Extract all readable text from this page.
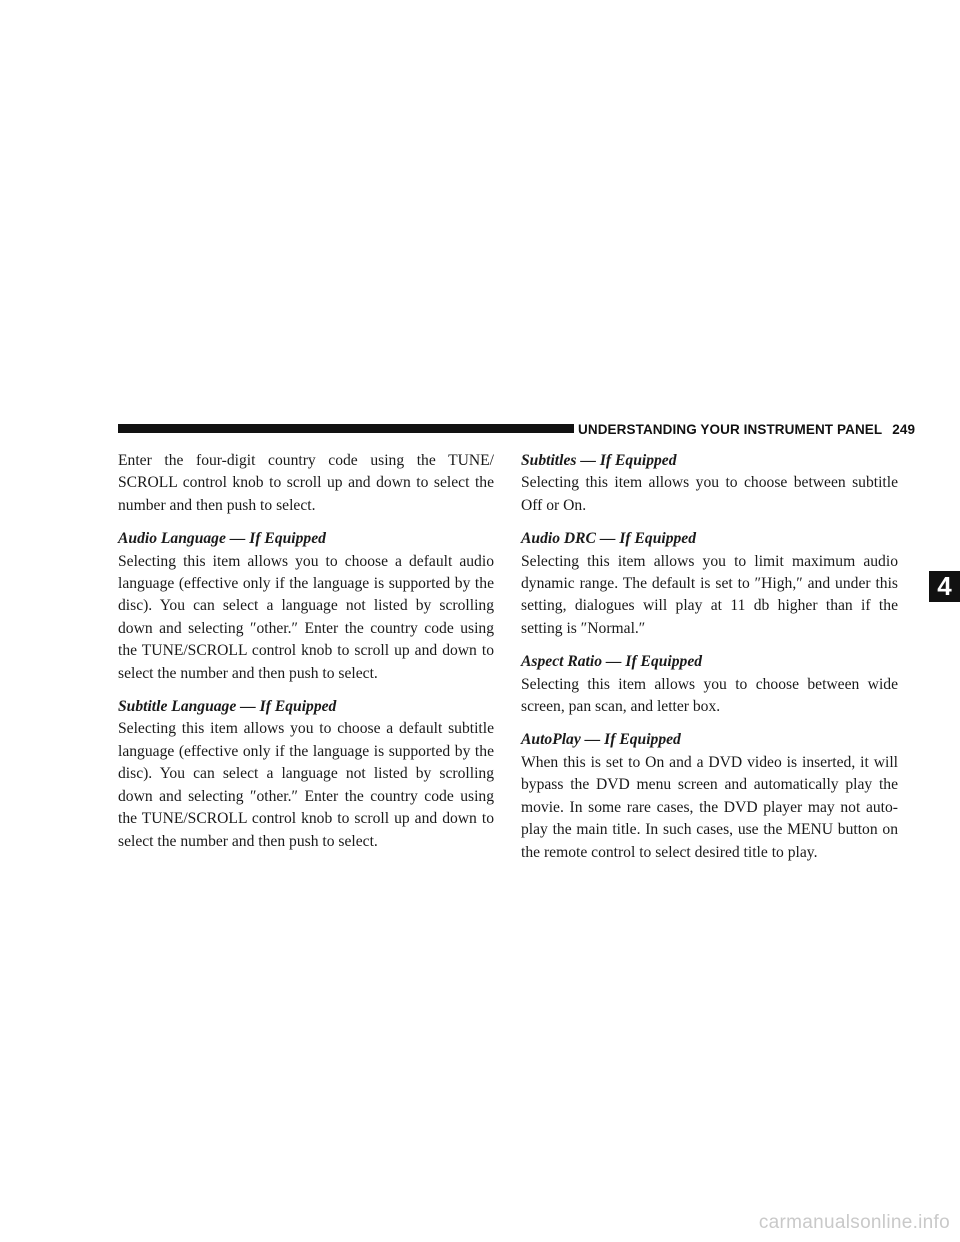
UNDERSTANDING YOUR INSTRUMENT PANEL 249
4

Enter the four-digit country code using the TUNE/ SCROLL control knob to scroll up and down to select the number and then push to select.

Audio Language — If Equipped

Selecting this item allows you to choose a default audio language (effective only if the language is supported by the disc). You can select a language not listed by scrolling down and selecting ″other.″ Enter the country code using the TUNE/SCROLL control knob to scroll up and down to select the number and then push to select.

Subtitle Language — If Equipped

Selecting this item allows you to choose a default subtitle language (effective only if the language is supported by the disc). You can select a language not listed by scrolling down and selecting ″other.″ Enter the country code using the TUNE/SCROLL control knob to scroll up and down to select the number and then push to select.

Subtitles — If Equipped

Selecting this item allows you to choose between subtitle Off or On.

Audio DRC — If Equipped

Selecting this item allows you to limit maximum audio dynamic range. The default is set to ″High,″ and under this setting, dialogues will play at 11 db higher than if the setting is ″Normal.″

Aspect Ratio — If Equipped

Selecting this item allows you to choose between wide screen, pan scan, and letter box.

AutoPlay — If Equipped

When this is set to On and a DVD video is inserted, it will bypass the DVD menu screen and automatically play the movie. In some rare cases, the DVD player may not auto-play the main title. In such cases, use the MENU button on the remote control to select desired title to play.

carmanualsonline.info
